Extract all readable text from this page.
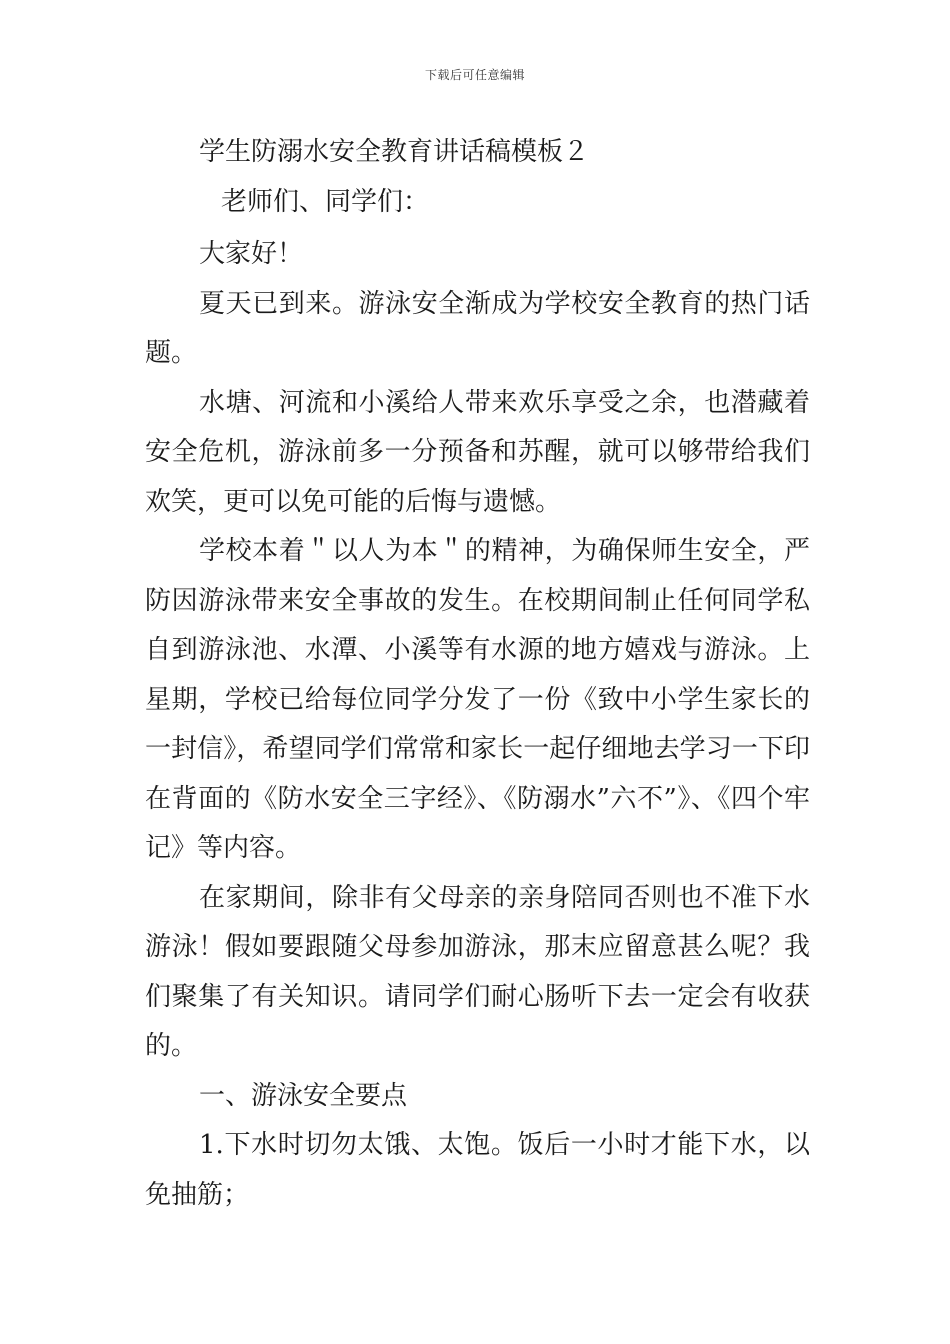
下载后可任意编辑
学生防溺水安全教育讲话稿模板２
老师们、同学们：

大家好！

夏天已到来。游泳安全渐成为学校安全教育的热门话题。

水塘、河流和小溪给人带来欢乐享受之余，也潜藏着安全危机，游泳前多一分预备和苏醒，就可以够带给我们欢笑，更可以免可能的后悔与遗憾。

学校本着＂以人为本＂的精神，为确保师生安全，严防因游泳带来安全事故的发生。在校期间制止任何同学私自到游泳池、水潭、小溪等有水源的地方嬉戏与游泳。上星期，学校已给每位同学分发了一份《致中小学生家长的一封信》，希望同学们常常和家长一起仔细地去学习一下印在背面的《防水安全三字经》、《防溺水”六不”》、《四个牢记》等内容。

在家期间，除非有父母亲的亲身陪同否则也不准下水游泳！假如要跟随父母参加游泳，那末应留意甚么呢？我们聚集了有关知识。请同学们耐心肠听下去一定会有收获的。

一、游泳安全要点

1.下水时切勿太饿、太饱。饭后一小时才能下水，以免抽筋；
